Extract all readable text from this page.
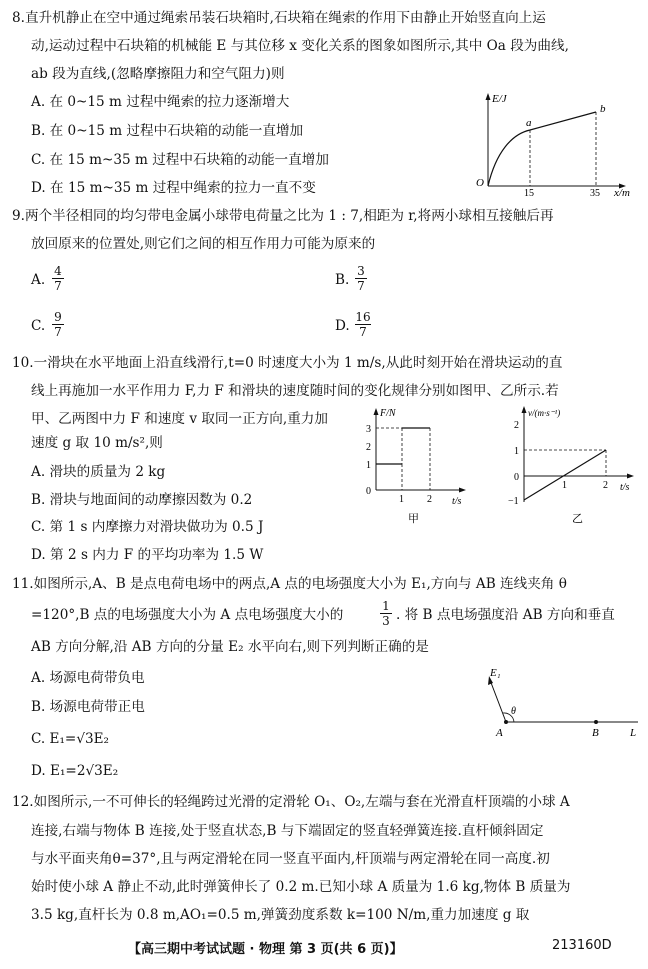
8.直升机静止在空中通过绳索吊装石块箱时,石块箱在绳索的作用下由静止开始竖直向上运
动,运动过程中石块箱的机械能 E 与其位移 x 变化关系的图象如图所示,其中 Oa 段为曲线,
ab 段为直线,(忽略摩擦阻力和空气阻力)则
A. 在 0~15 m 过程中绳索的拉力逐渐增大
B. 在 0~15 m 过程中石块箱的动能一直增加
C. 在 15 m~35 m 过程中石块箱的动能一直增加
D. 在 15 m~35 m 过程中绳索的拉力一直不变
E/J
O
a
b
15	35 x/m
9.两个半径相同的均匀带电金属小球带电荷量之比为 1 : 7,相距为 r,将两小球相互接触后再
放回原来的位置处,则它们之间的相互作用力可能为原来的
A.
4
7	B.
3
7
C.
9
7	D.
16
7
10.一滑块在水平地面上沿直线滑行,t=0 时速度大小为 1 m/s,从此时刻开始在滑块运动的直
线上再施加一水平作用力 F,力 F 和滑块的速度随时间的变化规律分别如图甲、乙所示.若
甲、乙两图中力 F 和速度 v 取同一正方向,重力加
速度 g 取 10 m/s²,则
A. 滑块的质量为 2 kg
B. 滑块与地面间的动摩擦因数为 0.2
C. 第 1 s 内摩擦力对滑块做功为 0.5 J
D. 第 2 s 内力 F 的平均功率为 1.5 W
F/N
3
2
1
0
1 2 t/s
甲
v/(m·s⁻¹)
2
1
0
−1
1	2 t/s
乙
11.如图所示,A、B 是点电荷电场中的两点,A 点的电场强度大小为 E₁,方向与 AB 连线夹角 θ
=120°,B 点的电场强度大小为 A 点电场强度大小的
1
3 . 将 B 点电场强度沿 AB 方向和垂直
AB 方向分解,沿 AB 方向的分量 E₂ 水平向右,则下列判断正确的是
A. 场源电荷带负电
B. 场源电荷带正电
C. E₁=√3E₂
D. E₁=2√3E₂
E₁
θ
A	B	L
12.如图所示,一不可伸长的轻绳跨过光滑的定滑轮 O₁、O₂,左端与套在光滑直杆顶端的小球 A
连接,右端与物体 B 连接,处于竖直状态,B 与下端固定的竖直轻弹簧连接.直杆倾斜固定
与水平面夹角θ=37°,且与两定滑轮在同一竖直平面内,杆顶端与两定滑轮在同一高度.初
始时使小球 A 静止不动,此时弹簧伸长了 0.2 m.已知小球 A 质量为 1.6 kg,物体 B 质量为
3.5 kg,直杆长为 0.8 m,AO₁=0.5 m,弹簧劲度系数 k=100 N/m,重力加速度 g 取
【高三期中考试试题 · 物理 第 3 页(共 6 页)】	213160D
